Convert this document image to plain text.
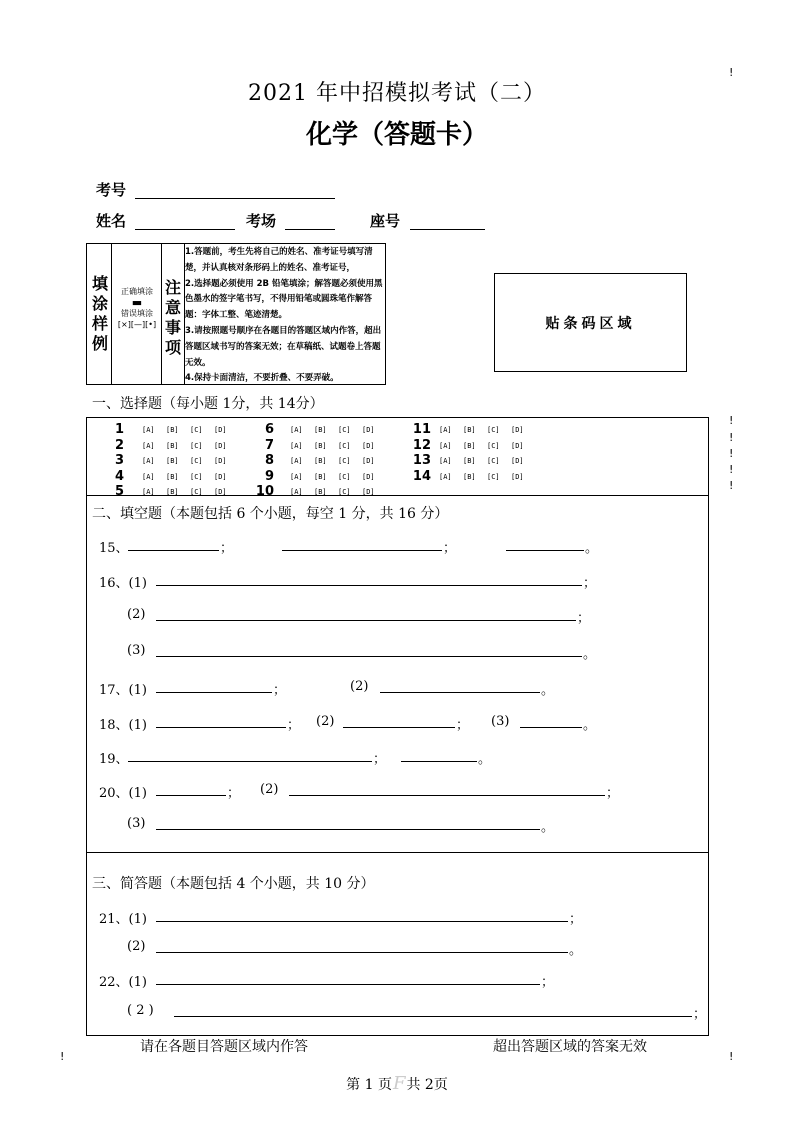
2021 年中招模拟考试（二）
化学（答题卡）
考号
姓名	考场	座号
填
涂
样
例
正确填涂
▬
错误填涂
[×][—][•]
注
意
事
项
1.答题前，考生先将自己的姓名、准考证号填写清楚，并认真核对条形码上的姓名、准考证号，
2.选择题必须使用 2B 铅笔填涂；解答题必须使用黑色墨水的签字笔书写，不得用铅笔或圆珠笔作解答题：字体工整、笔迹清楚。
3.请按照题号顺序在各题目的答题区域内作答，超出答题区域书写的答案无效；在草稿纸、试题卷上答题无效。
4.保持卡面清洁，不要折叠、不要弄破。
贴条码区域
一、选择题（每小题 1分，共 14分）
1	[A] [B] [C] [D]
2	[A] [B] [C] [D]
3	[A] [B] [C] [D]
4	[A] [B] [C] [D]
5	[A] [B] [C] [D]
6 [A] [B] [C] [D]
7 [A] [B] [C] [D]
8 [A] [B] [C] [D]
9 [A] [B] [C] [D]
10 [A] [B] [C] [D]
11 [A] [B] [C] [D]
12 [A] [B] [C] [D]
13 [A] [B] [C] [D]
14 [A] [B] [C] [D]
二、填空题（本题包括 6 个小题，每空 1 分，共 16 分）
15、	；	；	。
16、(1)	；
(2)	；
(3)	。
17、(1)	；	(2)	。
18、(1)	； (2)	； (3)	。
19、	；	。
20、(1)	； (2)	；
(3)	。
三、简答题（本题包括 4 个小题，共 10 分）
21、(1)	；
(2)	。
22、(1)	；
( 2 )	；
请在各题目答题区域内作答	超出答题区域的答案无效
第 1 页F共 2页
!
!
!
!
!
!
!	!
